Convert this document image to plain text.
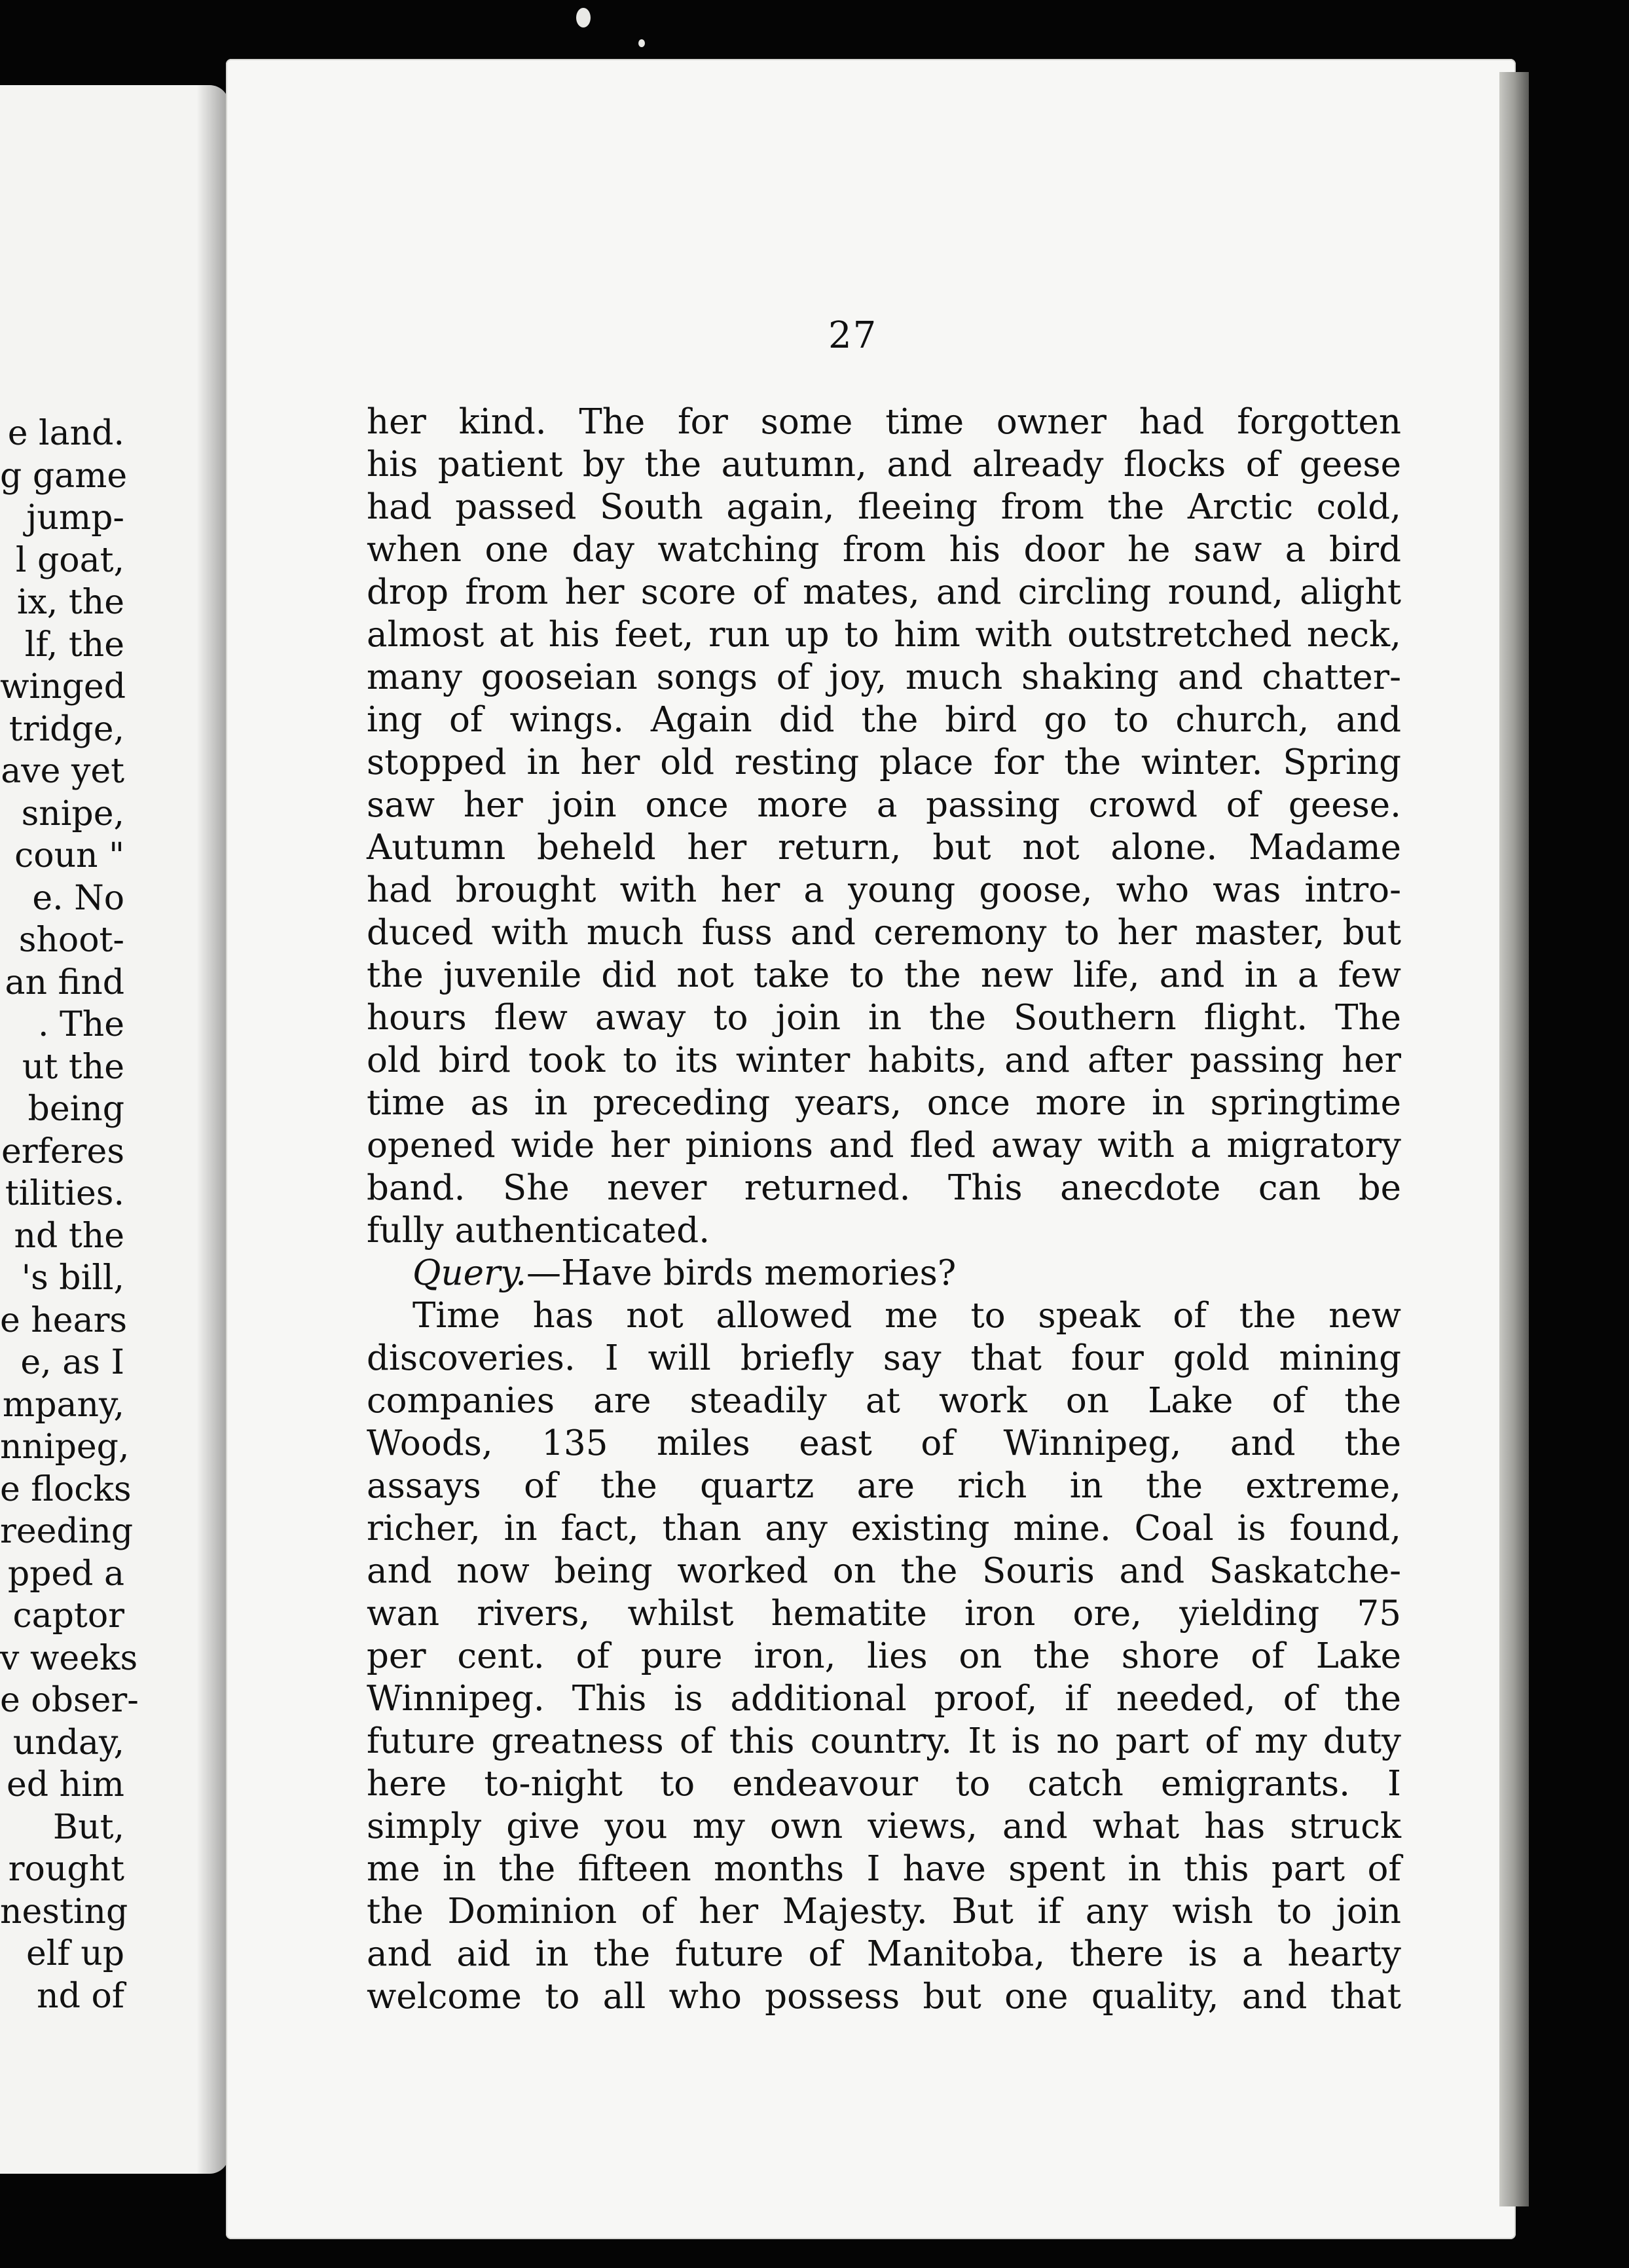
e land.
g game
jump-
l goat,
ix, the
lf, the
winged
tridge,
ave yet
snipe,
coun "
e. No
shoot-
an find
. The
ut the
being
erferes
tilities.
nd the
's bill,
e hears
e, as I
mpany,
nnipeg,
e flocks
reeding
pped a
captor
v weeks
e obser-
unday,
ed him
But,
rought
nesting
elf up
nd of
27
her kind. The for some time owner had forgotten
his patient by the autumn, and already flocks of geese
had passed South again, fleeing from the Arctic cold,
when one day watching from his door he saw a bird
drop from her score of mates, and circling round, alight
almost at his feet, run up to him with outstretched neck,
many gooseian songs of joy, much shaking and chatter-
ing of wings. Again did the bird go to church, and
stopped in her old resting place for the winter. Spring
saw her join once more a passing crowd of geese.
Autumn beheld her return, but not alone. Madame
had brought with her a young goose, who was intro-
duced with much fuss and ceremony to her master, but
the juvenile did not take to the new life, and in a few
hours flew away to join in the Southern flight. The
old bird took to its winter habits, and after passing her
time as in preceding years, once more in springtime
opened wide her pinions and fled away with a migratory
band. She never returned. This anecdote can be
fully authenticated.
Query.—Have birds memories?
Time has not allowed me to speak of the new
discoveries. I will briefly say that four gold mining
companies are steadily at work on Lake of the
Woods, 135 miles east of Winnipeg, and the
assays of the quartz are rich in the extreme,
richer, in fact, than any existing mine. Coal is found,
and now being worked on the Souris and Saskatche-
wan rivers, whilst hematite iron ore, yielding 75
per cent. of pure iron, lies on the shore of Lake
Winnipeg. This is additional proof, if needed, of the
future greatness of this country. It is no part of my duty
here to-night to endeavour to catch emigrants. I
simply give you my own views, and what has struck
me in the fifteen months I have spent in this part of
the Dominion of her Majesty. But if any wish to join
and aid in the future of Manitoba, there is a hearty
welcome to all who possess but one quality, and that
